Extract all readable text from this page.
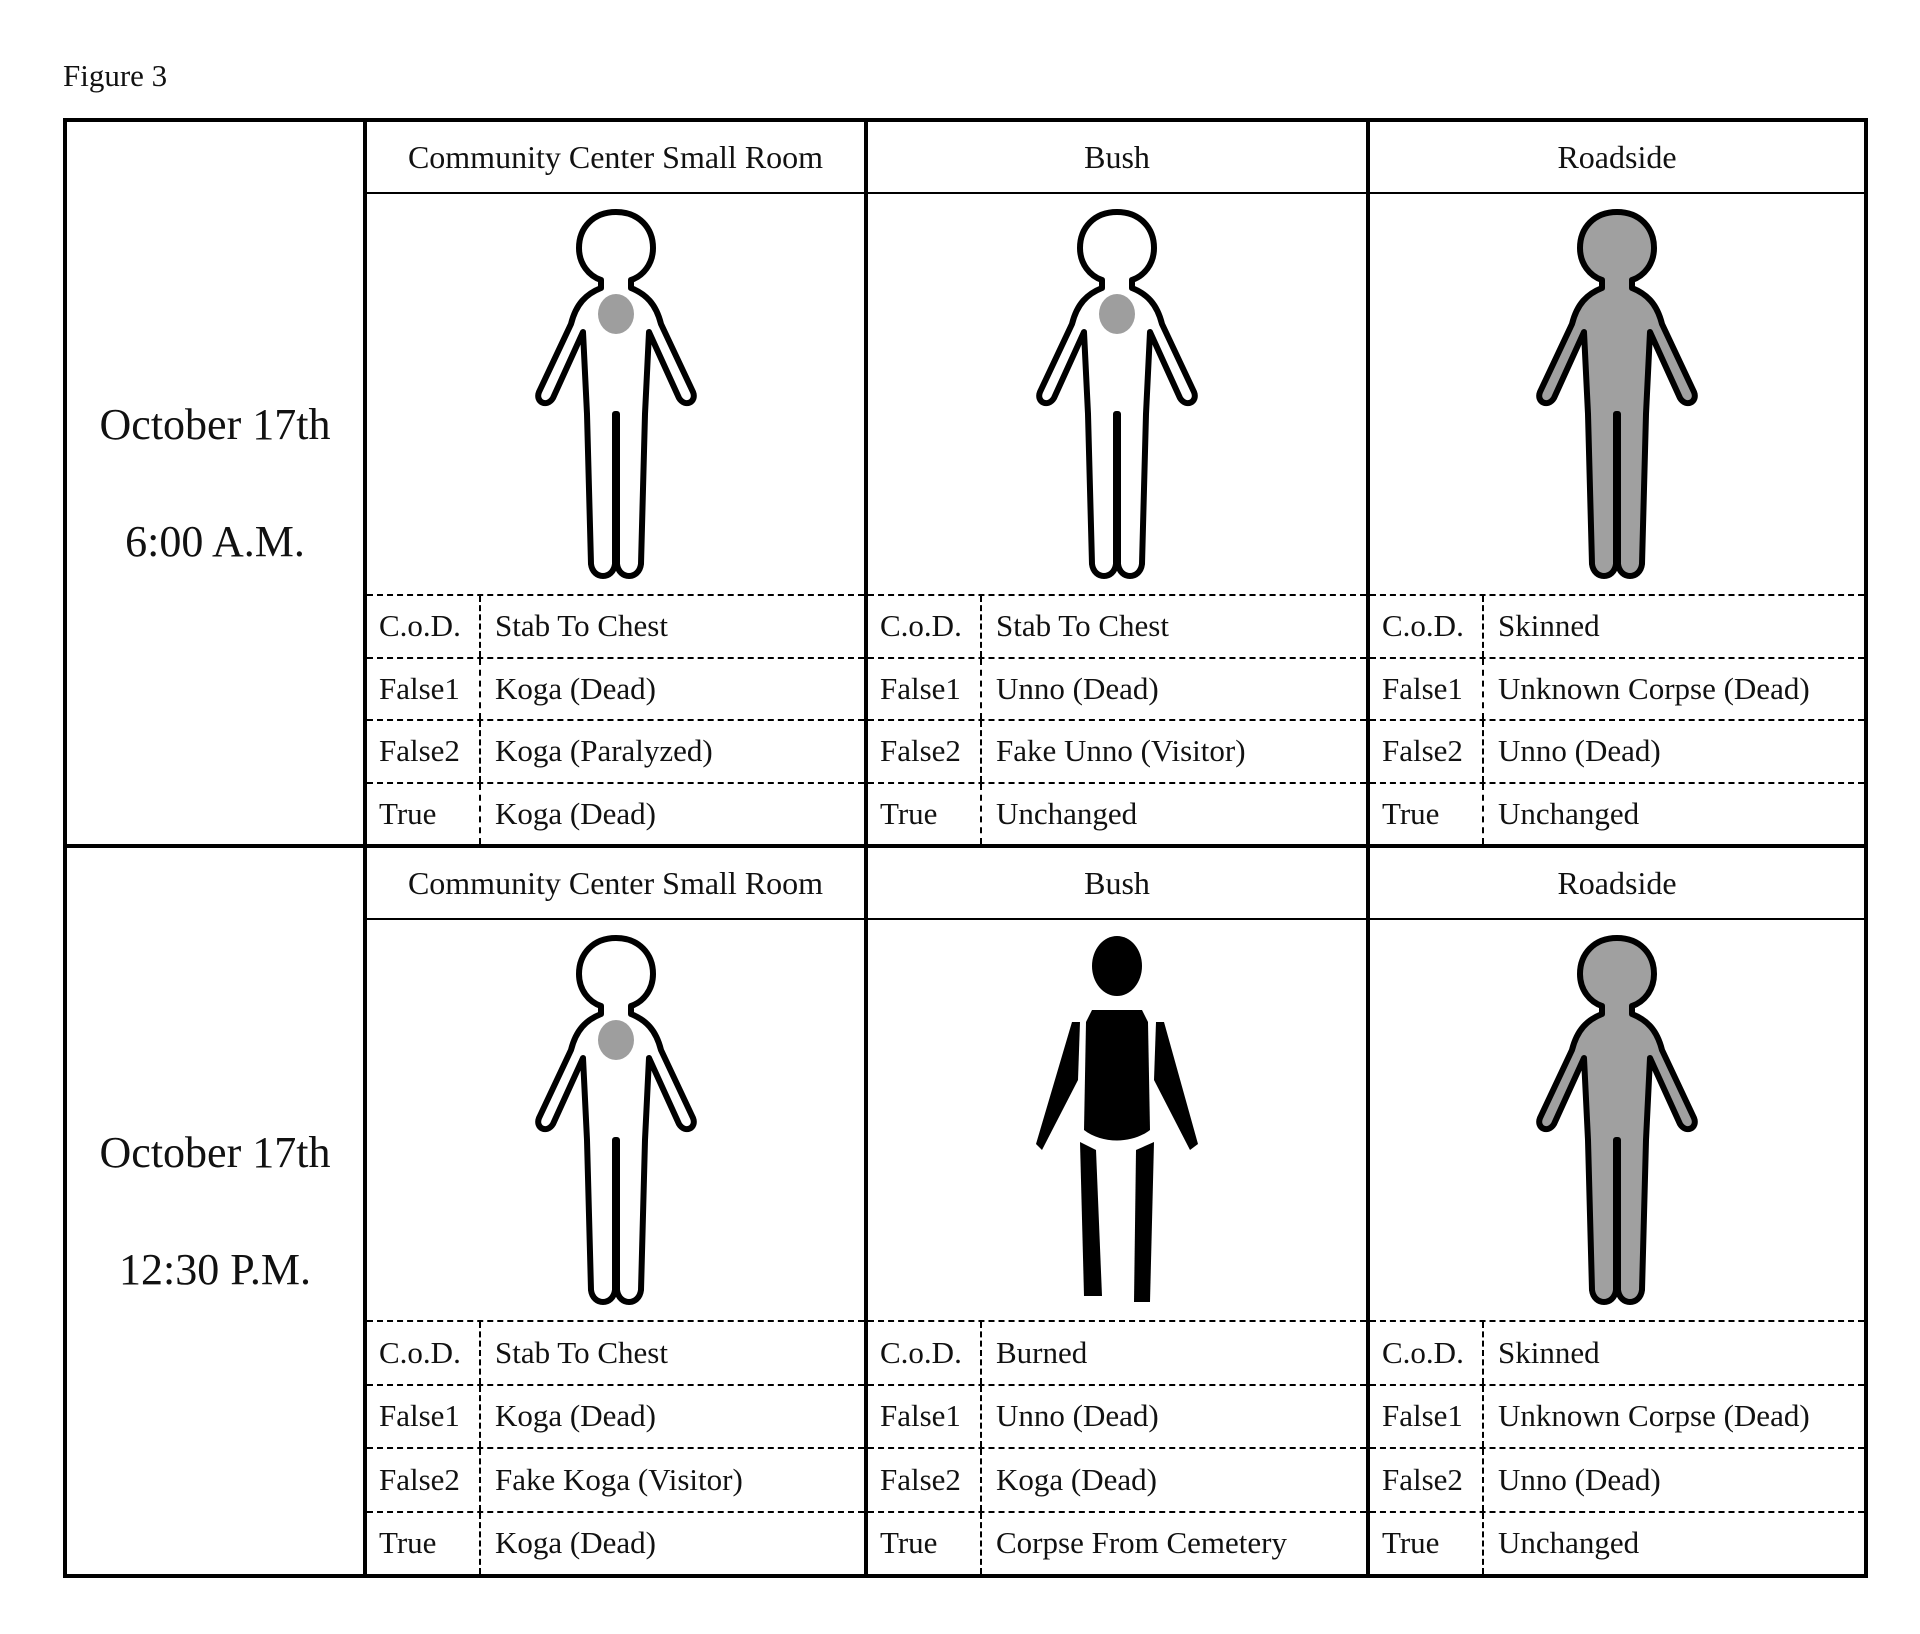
Figure 3
October 17th
6:00 A.M.
Community Center Small Room
C.o.D.	Stab To Chest
False1	Koga (Dead)
False2	Koga (Paralyzed)
True	Koga (Dead)
Bush
C.o.D.	Stab To Chest
False1	Unno (Dead)
False2	Fake Unno (Visitor)
True	Unchanged
Roadside
C.o.D.	Skinned
False1	Unknown Corpse (Dead)
False2	Unno (Dead)
True	Unchanged
October 17th
12:30 P.M.
Community Center Small Room
C.o.D.	Stab To Chest
False1	Koga (Dead)
False2	Fake Koga (Visitor)
True	Koga (Dead)
Bush
C.o.D.	Burned
False1	Unno (Dead)
False2	Koga (Dead)
True	Corpse From Cemetery
Roadside
C.o.D.	Skinned
False1	Unknown Corpse (Dead)
False2	Unno (Dead)
True	Unchanged
